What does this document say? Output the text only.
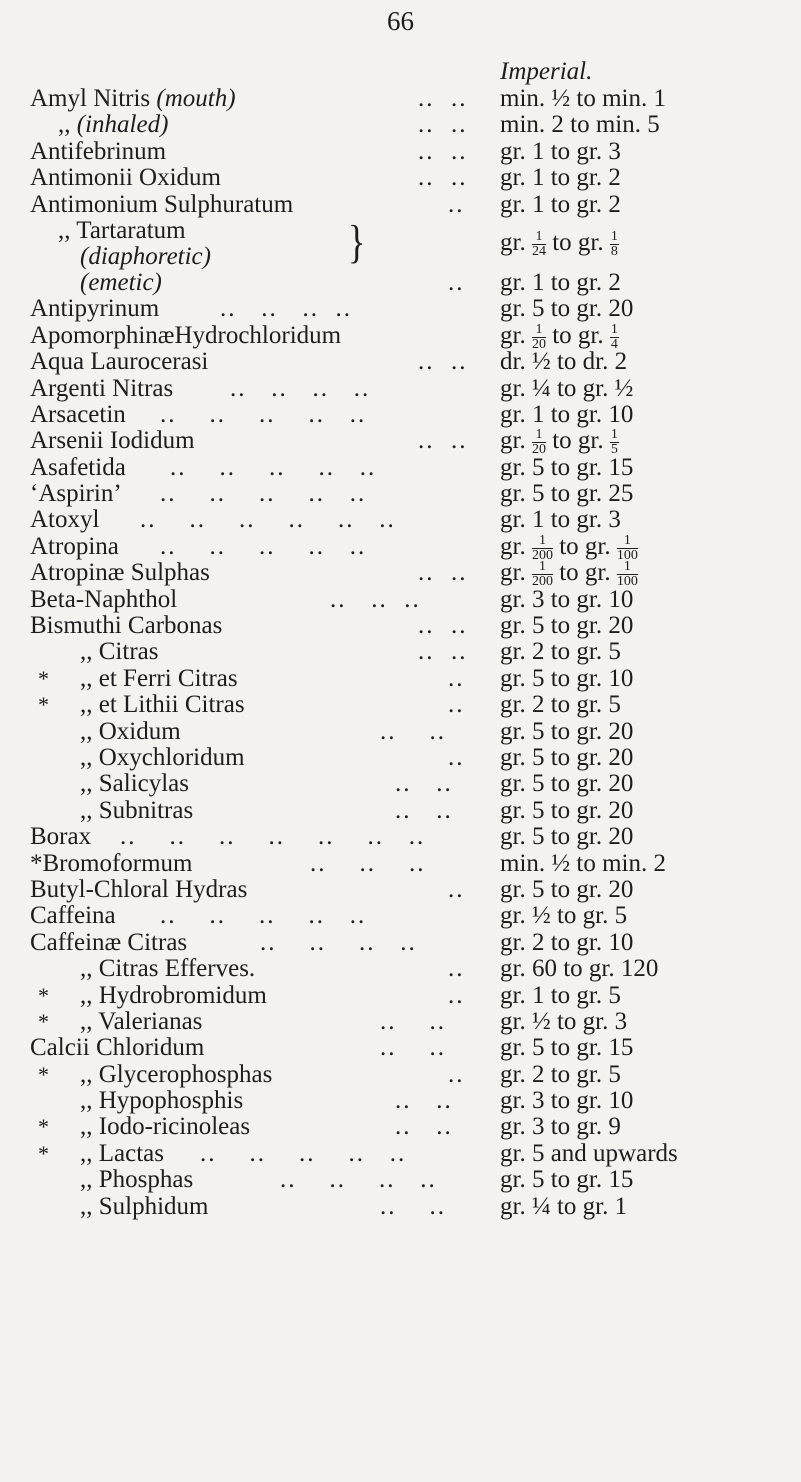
66
Imperial.
Amyl Nitris (mouth)	..  .. min. ½ to min. 1
,, (inhaled)	..  .. min. 2 to min. 5
Antifebrinum	..  .. gr. 1 to gr. 3
Antimonii Oxidum	..  .. gr. 1 to gr. 2
Antimonium Sulphuratum	.. gr. 1 to gr. 2
,, Tartaratum
(diaphoretic)	}	gr. $\frac{1}{24}$ to gr. $\frac{1}{8}$
(emetic)	.. gr. 1 to gr. 2
Antipyrinum ..   ..   ..  ..	gr. 5 to gr. 20
ApomorphinæHydrochloridum	gr. $\frac{1}{20}$ to gr. $\frac{1}{4}$
Aqua Laurocerasi	..  .. dr. ½ to dr. 2
Argenti Nitras ..   ..   ..   ..	gr. ¼ to gr. ½
Arsacetin ..    ..    ..    ..   ..	gr. 1 to gr. 10
Arsenii Iodidum	..  .. gr. $\frac{1}{20}$ to gr. $\frac{1}{5}$
Asafetida ..    ..    ..    ..   ..	gr. 5 to gr. 15
‘Aspirin’ ..    ..    ..    ..   ..	gr. 5 to gr. 25
Atoxyl ..    ..    ..    ..    ..   ..	gr. 1 to gr. 3
Atropina ..    ..    ..    ..   ..	gr. $\frac{1}{200}$ to gr. $\frac{1}{100}$
Atropinæ Sulphas	..  .. gr. $\frac{1}{200}$ to gr. $\frac{1}{100}$
Beta-Naphthol	..   ..  ..	gr. 3 to gr. 10
Bismuthi Carbonas	..  .. gr. 5 to gr. 20
,, Citras	..  .. gr. 2 to gr. 5
* ,, et Ferri Citras	.. gr. 5 to gr. 10
* ,, et Lithii Citras	.. gr. 2 to gr. 5
,, Oxidum	..    .. gr. 5 to gr. 20
,, Oxychloridum	.. gr. 5 to gr. 20
,, Salicylas	..   .. gr. 5 to gr. 20
,, Subnitras	..   .. gr. 5 to gr. 20
Borax ..    ..    ..    ..    ..    ..   ..	gr. 5 to gr. 20
*Bromoformum	..    ..    ..	min. ½ to min. 2
Butyl-Chloral Hydras	.. gr. 5 to gr. 20
Caffeina ..    ..    ..    ..   ..	gr. ½ to gr. 5
Caffeinæ Citras	..    ..    ..   ..	gr. 2 to gr. 10
,, Citras Efferves.	.. gr. 60 to gr. 120
* ,, Hydrobromidum	.. gr. 1 to gr. 5
* ,, Valerianas	..    .. gr. ½ to gr. 3
Calcii Chloridum	..    .. gr. 5 to gr. 15
* ,, Glycerophosphas	.. gr. 2 to gr. 5
,, Hypophosphis	..   .. gr. 3 to gr. 10
* ,, Iodo-ricinoleas	..   .. gr. 3 to gr. 9
* ,, Lactas ..    ..    ..    ..   ..	gr. 5 and upwards
,, Phosphas	..    ..    ..   ..	gr. 5 to gr. 15
,, Sulphidum	..    .. gr. ¼ to gr. 1
